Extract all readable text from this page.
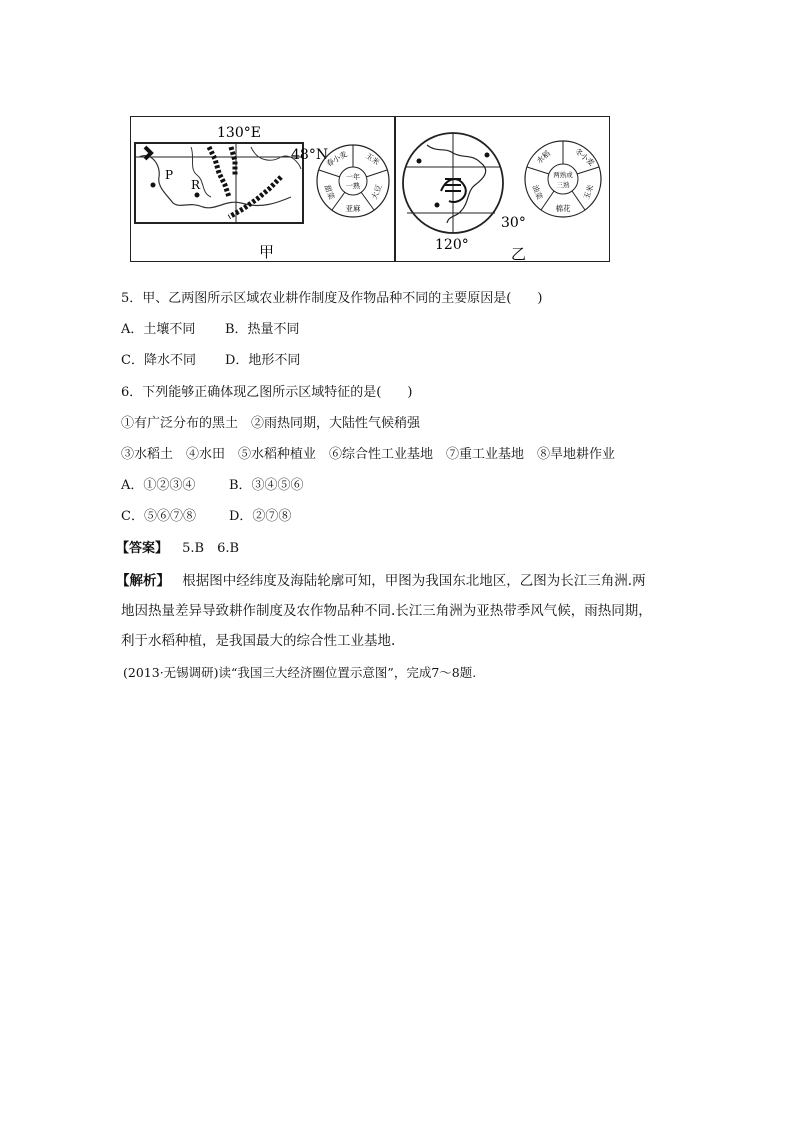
P
R
130°E
48°N
甲
一年
一熟
春小麦 玉米
大豆
亚麻
甜菜
30°
120°	乙
两熟或
三熟
水稻	冬小麦
玉米
棉花
油菜
5．甲、乙两图所示区域农业耕作制度及作物品种不同的主要原因是(　　)
A．土壤不同 B．热量不同
C．降水不同 D．地形不同
6．下列能够正确体现乙图所示区域特征的是(　　)
①有广泛分布的黑土　②雨热同期，大陆性气候稍强
③水稻土　④水田　⑤水稻种植业　⑥综合性工业基地　⑦重工业基地　⑧旱地耕作业
A．①②③④	B．③④⑤⑥
C．⑤⑥⑦⑧	D．②⑦⑧
【答案】 5.B　6.B
【解析】 根据图中经纬度及海陆轮廓可知，甲图为我国东北地区，乙图为长江三角洲.两
地因热量差异导致耕作制度及农作物品种不同.长江三角洲为亚热带季风气候，雨热同期，
利于水稻种植，是我国最大的综合性工业基地.
(2013·无锡调研)读“我国三大经济圈位置示意图”，完成7～8题.
